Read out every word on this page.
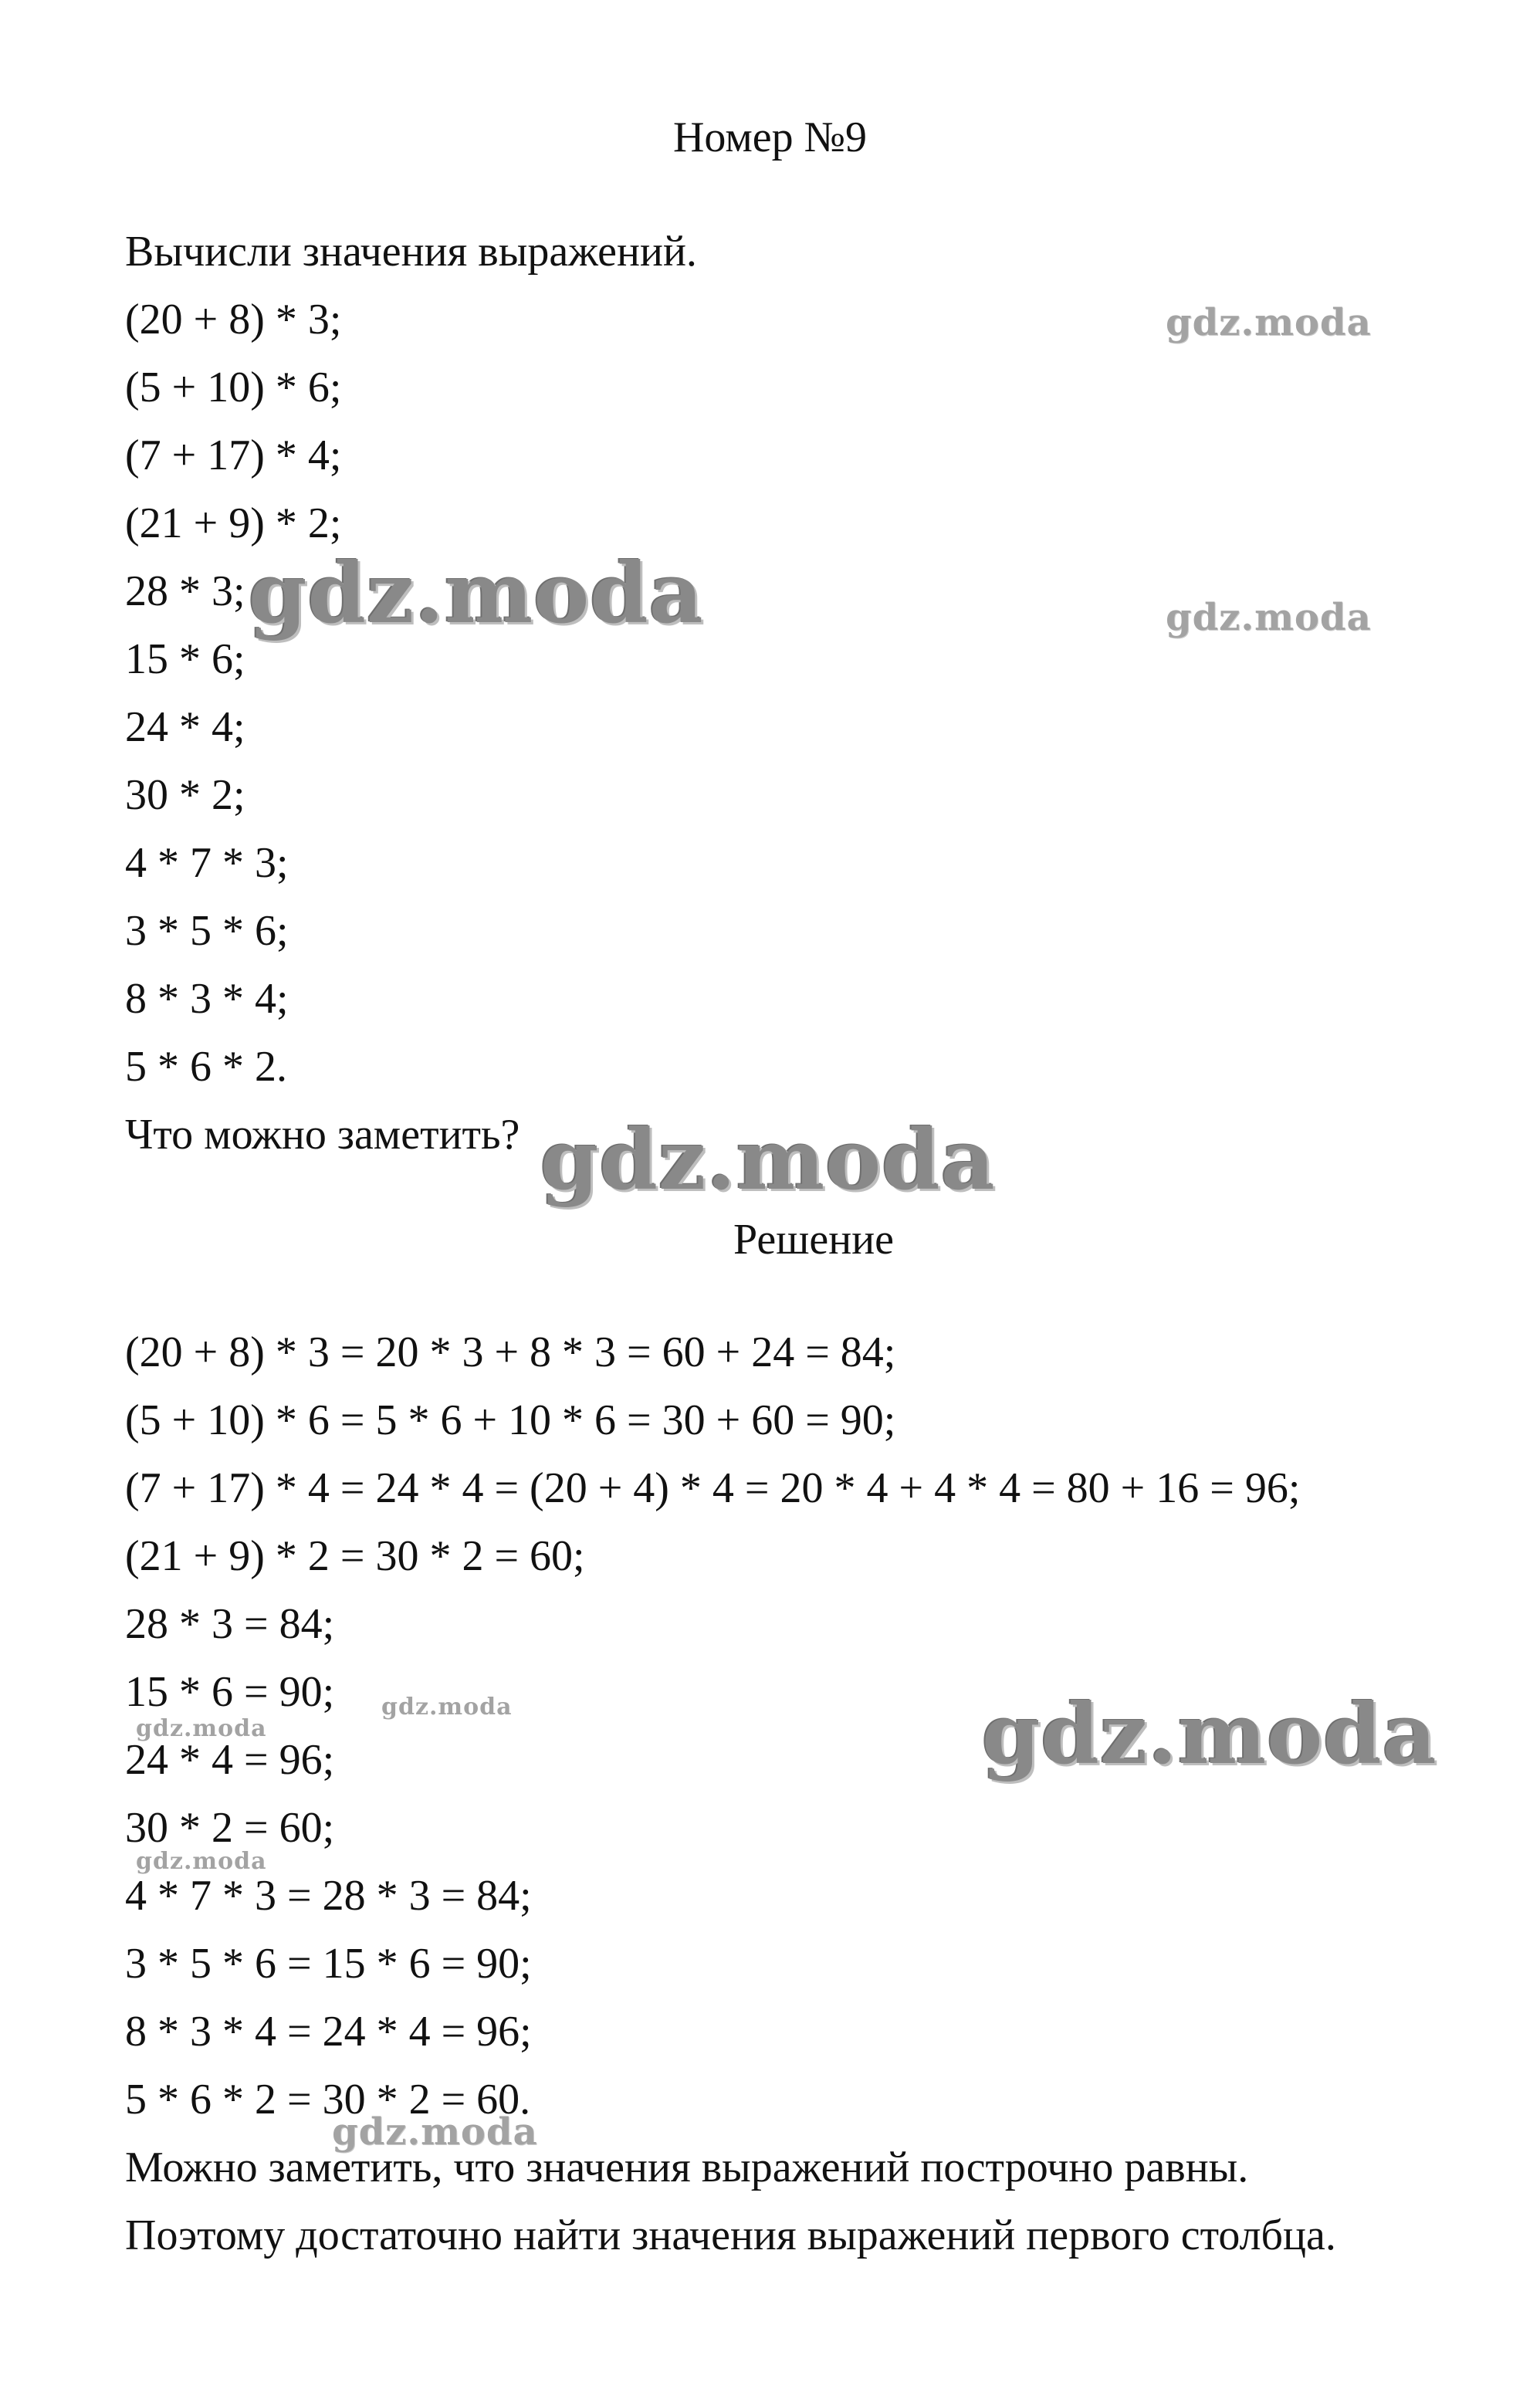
Номер №9
Вычисли значения выражений.
(20 + 8) * 3;
(5 + 10) * 6;
(7 + 17) * 4;
(21 + 9) * 2;
28 * 3;
15 * 6;
24 * 4;
30 * 2;
4 * 7 * 3;
3 * 5 * 6;
8 * 3 * 4;
5 * 6 * 2.
Что можно заметить?
Решение
(20 + 8) * 3 = 20 * 3 + 8 * 3 = 60 + 24 = 84;
(5 + 10) * 6 = 5 * 6 + 10 * 6 = 30 + 60 = 90;
(7 + 17) * 4 = 24 * 4 = (20 + 4) * 4 = 20 * 4 + 4 * 4 = 80 + 16 = 96;
(21 + 9) * 2 = 30 * 2 = 60;
28 * 3 = 84;
15 * 6 = 90;
24 * 4 = 96;
30 * 2 = 60;
4 * 7 * 3 = 28 * 3 = 84;
3 * 5 * 6 = 15 * 6 = 90;
8 * 3 * 4 = 24 * 4 = 96;
5 * 6 * 2 = 30 * 2 = 60.
Можно заметить, что значения выражений построчно равны.
Поэтому достаточно найти значения выражений первого столбца.
gdz.moda
gdz.moda	gdz.moda
gdz.moda
gdz.moda
gdz.moda	gdz.moda
gdz.moda
gdz.moda
